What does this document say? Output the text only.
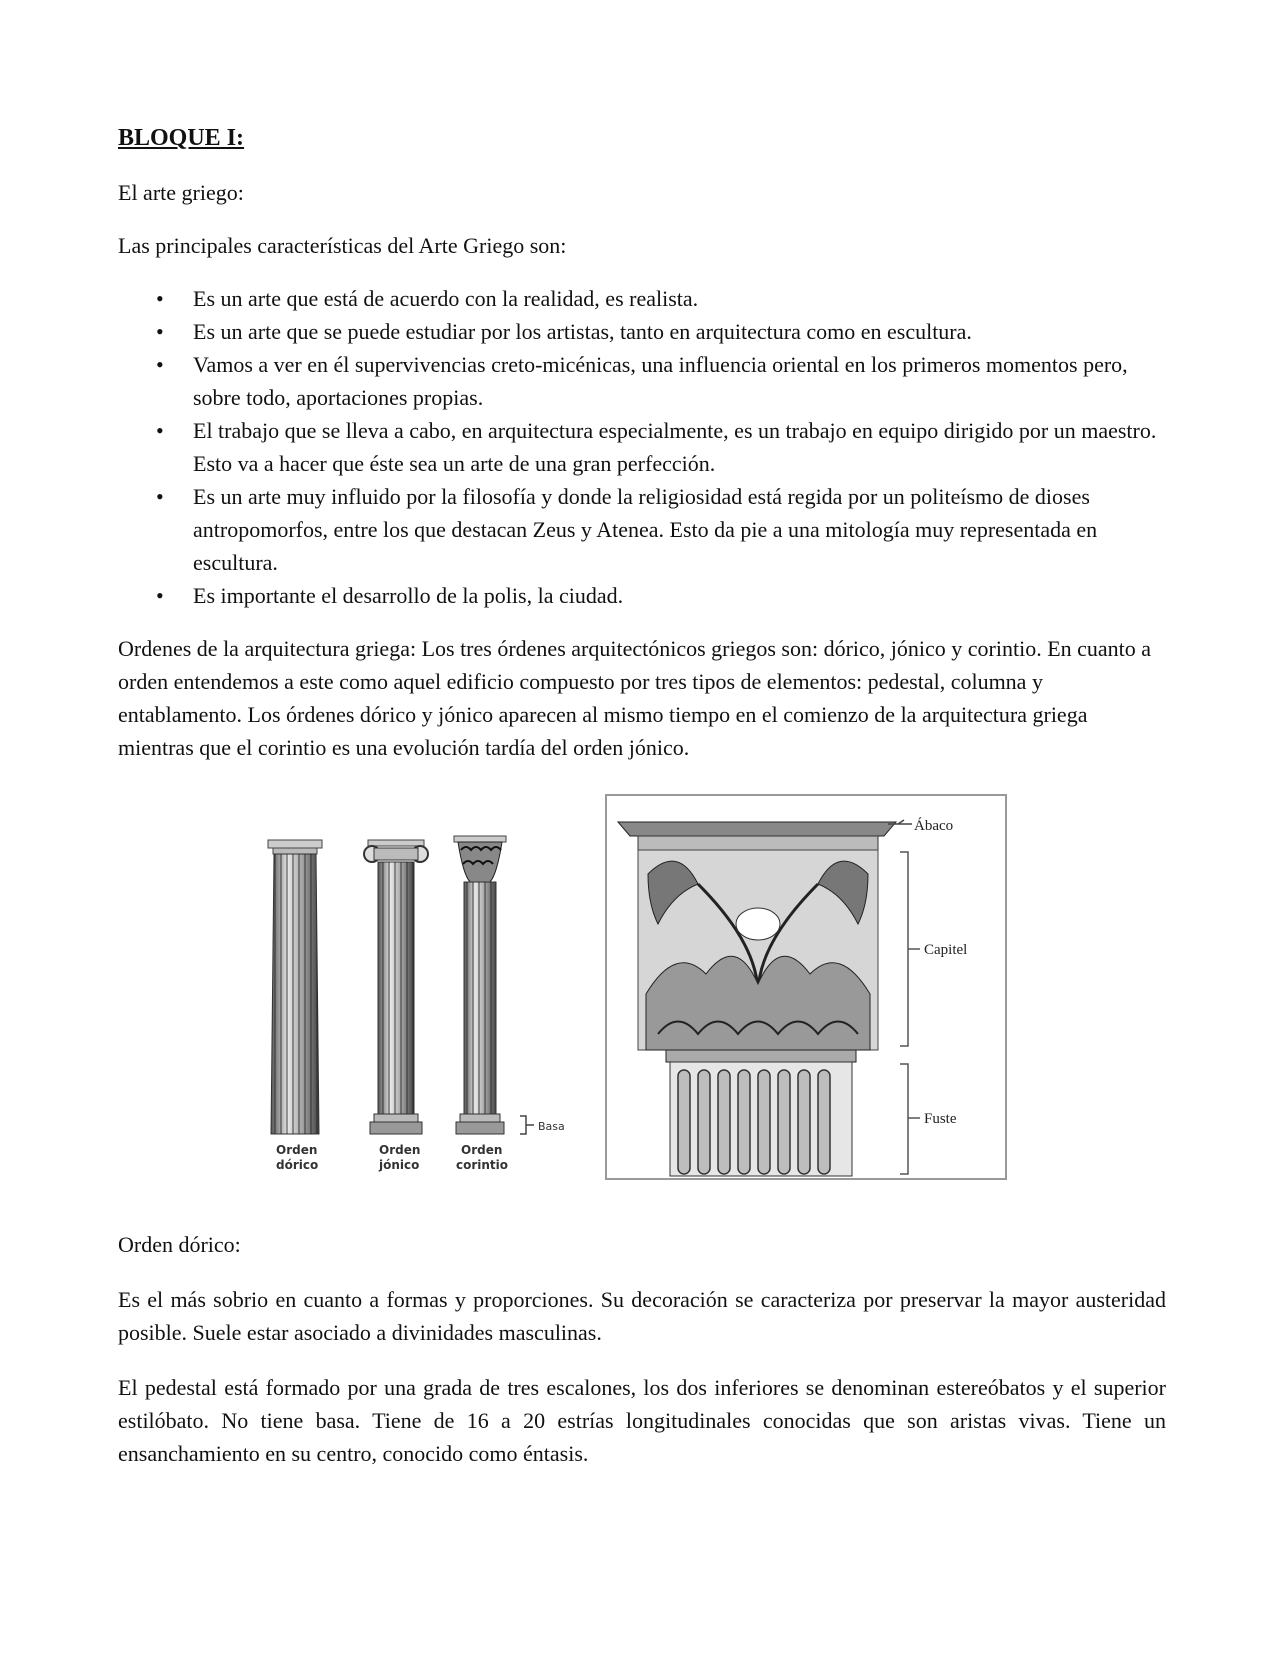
BLOQUE I:

El arte griego:

Las principales características del Arte Griego son:

• Es un arte que está de acuerdo con la realidad, es realista.
• Es un arte que se puede estudiar por los artistas, tanto en arquitectura como en escultura.
• Vamos a ver en él supervivencias creto-micénicas, una influencia oriental en los primeros momentos pero, sobre todo, aportaciones propias.
• El trabajo que se lleva a cabo, en arquitectura especialmente, es un trabajo en equipo dirigido por un maestro. Esto va a hacer que éste sea un arte de una gran perfección.
• Es un arte muy influido por la filosofía y donde la religiosidad está regida por un politeísmo de dioses antropomorfos, entre los que destacan Zeus y Atenea. Esto da pie a una mitología muy representada en escultura.
• Es importante el desarrollo de la polis, la ciudad.

Ordenes de la arquitectura griega: Los tres órdenes arquitectónicos griegos son: dórico, jónico y corintio. En cuanto a orden entendemos a este como aquel edificio compuesto por tres tipos de elementos: pedestal, columna y entablamento. Los órdenes dórico y jónico aparecen al mismo tiempo en el comienzo de la arquitectura griega mientras que el corintio es una evolución tardía del orden jónico.

Basa
Orden
dórico
Orden
jónico
Orden
corintio
Ábaco
Capitel
Fuste

Orden dórico:

Es el más sobrio en cuanto a formas y proporciones. Su decoración se caracteriza por preservar la mayor austeridad posible. Suele estar asociado a divinidades masculinas.

El pedestal está formado por una grada de tres escalones, los dos inferiores se denominan estereóbatos y el superior estilóbato. No tiene basa. Tiene de 16 a 20 estrías longitudinales conocidas que son aristas vivas. Tiene un ensanchamiento en su centro, conocido como éntasis.
